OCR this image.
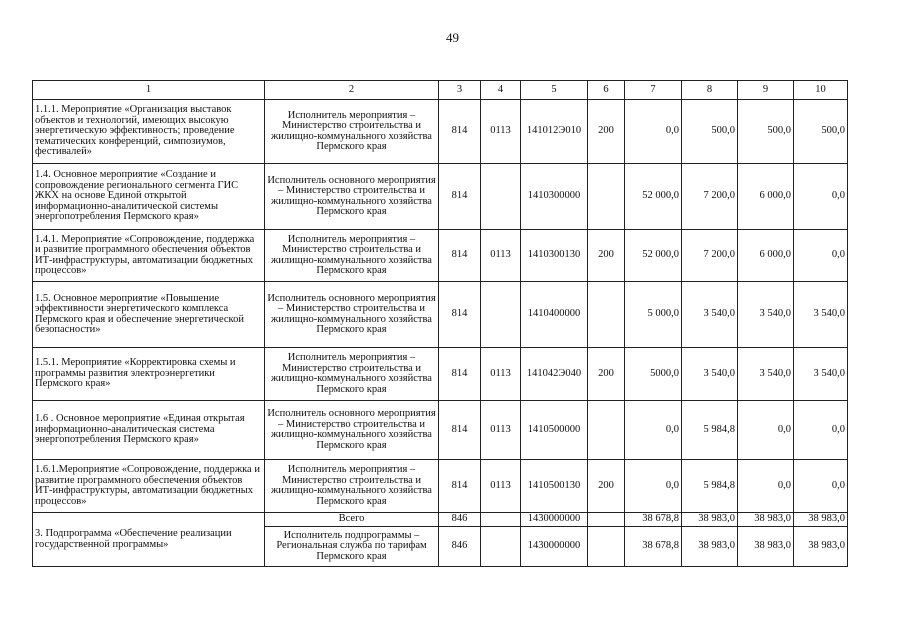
49
1	2	3	4	5	6	7	8	9	10
1.1.1. Мероприятие «Организация выставок объектов и технологий, имеющих высокую энергетическую эффективность; проведение тематических конференций, симпозиумов, фестивалей»	Исполнитель мероприятия – Министерство строительства и жилищно-коммунального хозяйства Пермского края	814	0113	141012Э010	200	0,0	500,0	500,0	500,0
1.4. Основное мероприятие «Создание и сопровождение регионального сегмента ГИС ЖКХ на основе Единой открытой информационно-аналитической системы энергопотребления Пермского края»	Исполнитель основного мероприятия – Министерство строительства и жилищно-коммунального хозяйства Пермского края	814		1410300000		52 000,0	7 200,0	6 000,0	0,0
1.4.1. Мероприятие «Сопровождение, поддержка и развитие программного обеспечения объектов ИТ-инфраструктуры, автоматизации бюджетных процессов»	Исполнитель мероприятия – Министерство строительства и жилищно-коммунального хозяйства Пермского края	814	0113	1410300130	200	52 000,0	7 200,0	6 000,0	0,0
1.5. Основное мероприятие «Повышение эффективности энергетического комплекса Пермского края и обеспечение энергетической безопасности»	Исполнитель основного мероприятия – Министерство строительства и жилищно-коммунального хозяйства Пермского края	814		1410400000		5 000,0	3 540,0	3 540,0	3 540,0
1.5.1. Мероприятие «Корректировка схемы и программы развития электроэнергетики Пермского края»	Исполнитель мероприятия – Министерство строительства и жилищно-коммунального хозяйства Пермского края	814	0113	141042Э040	200	5000,0	3 540,0	3 540,0	3 540,0
1.6 . Основное мероприятие «Единая открытая информационно-аналитическая система энергопотребления Пермского края»	Исполнитель основного мероприятия – Министерство строительства и жилищно-коммунального хозяйства Пермского края	814	0113	1410500000		0,0	5 984,8	0,0	0,0
1.6.1.Мероприятие «Сопровождение, поддержка и развитие программного обеспечения объектов ИТ-инфраструктуры, автоматизации бюджетных процессов»	Исполнитель мероприятия – Министерство строительства и жилищно-коммунального хозяйства Пермского края	814	0113	1410500130	200	0,0	5 984,8	0,0	0,0
3. Подпрограмма «Обеспечение реализации государственной программы»	Всего	846		1430000000		38 678,8	38 983,0	38 983,0	38 983,0
	Исполнитель подпрограммы – Региональная служба по тарифам Пермского края	846		1430000000		38 678,8	38 983,0	38 983,0	38 983,0
